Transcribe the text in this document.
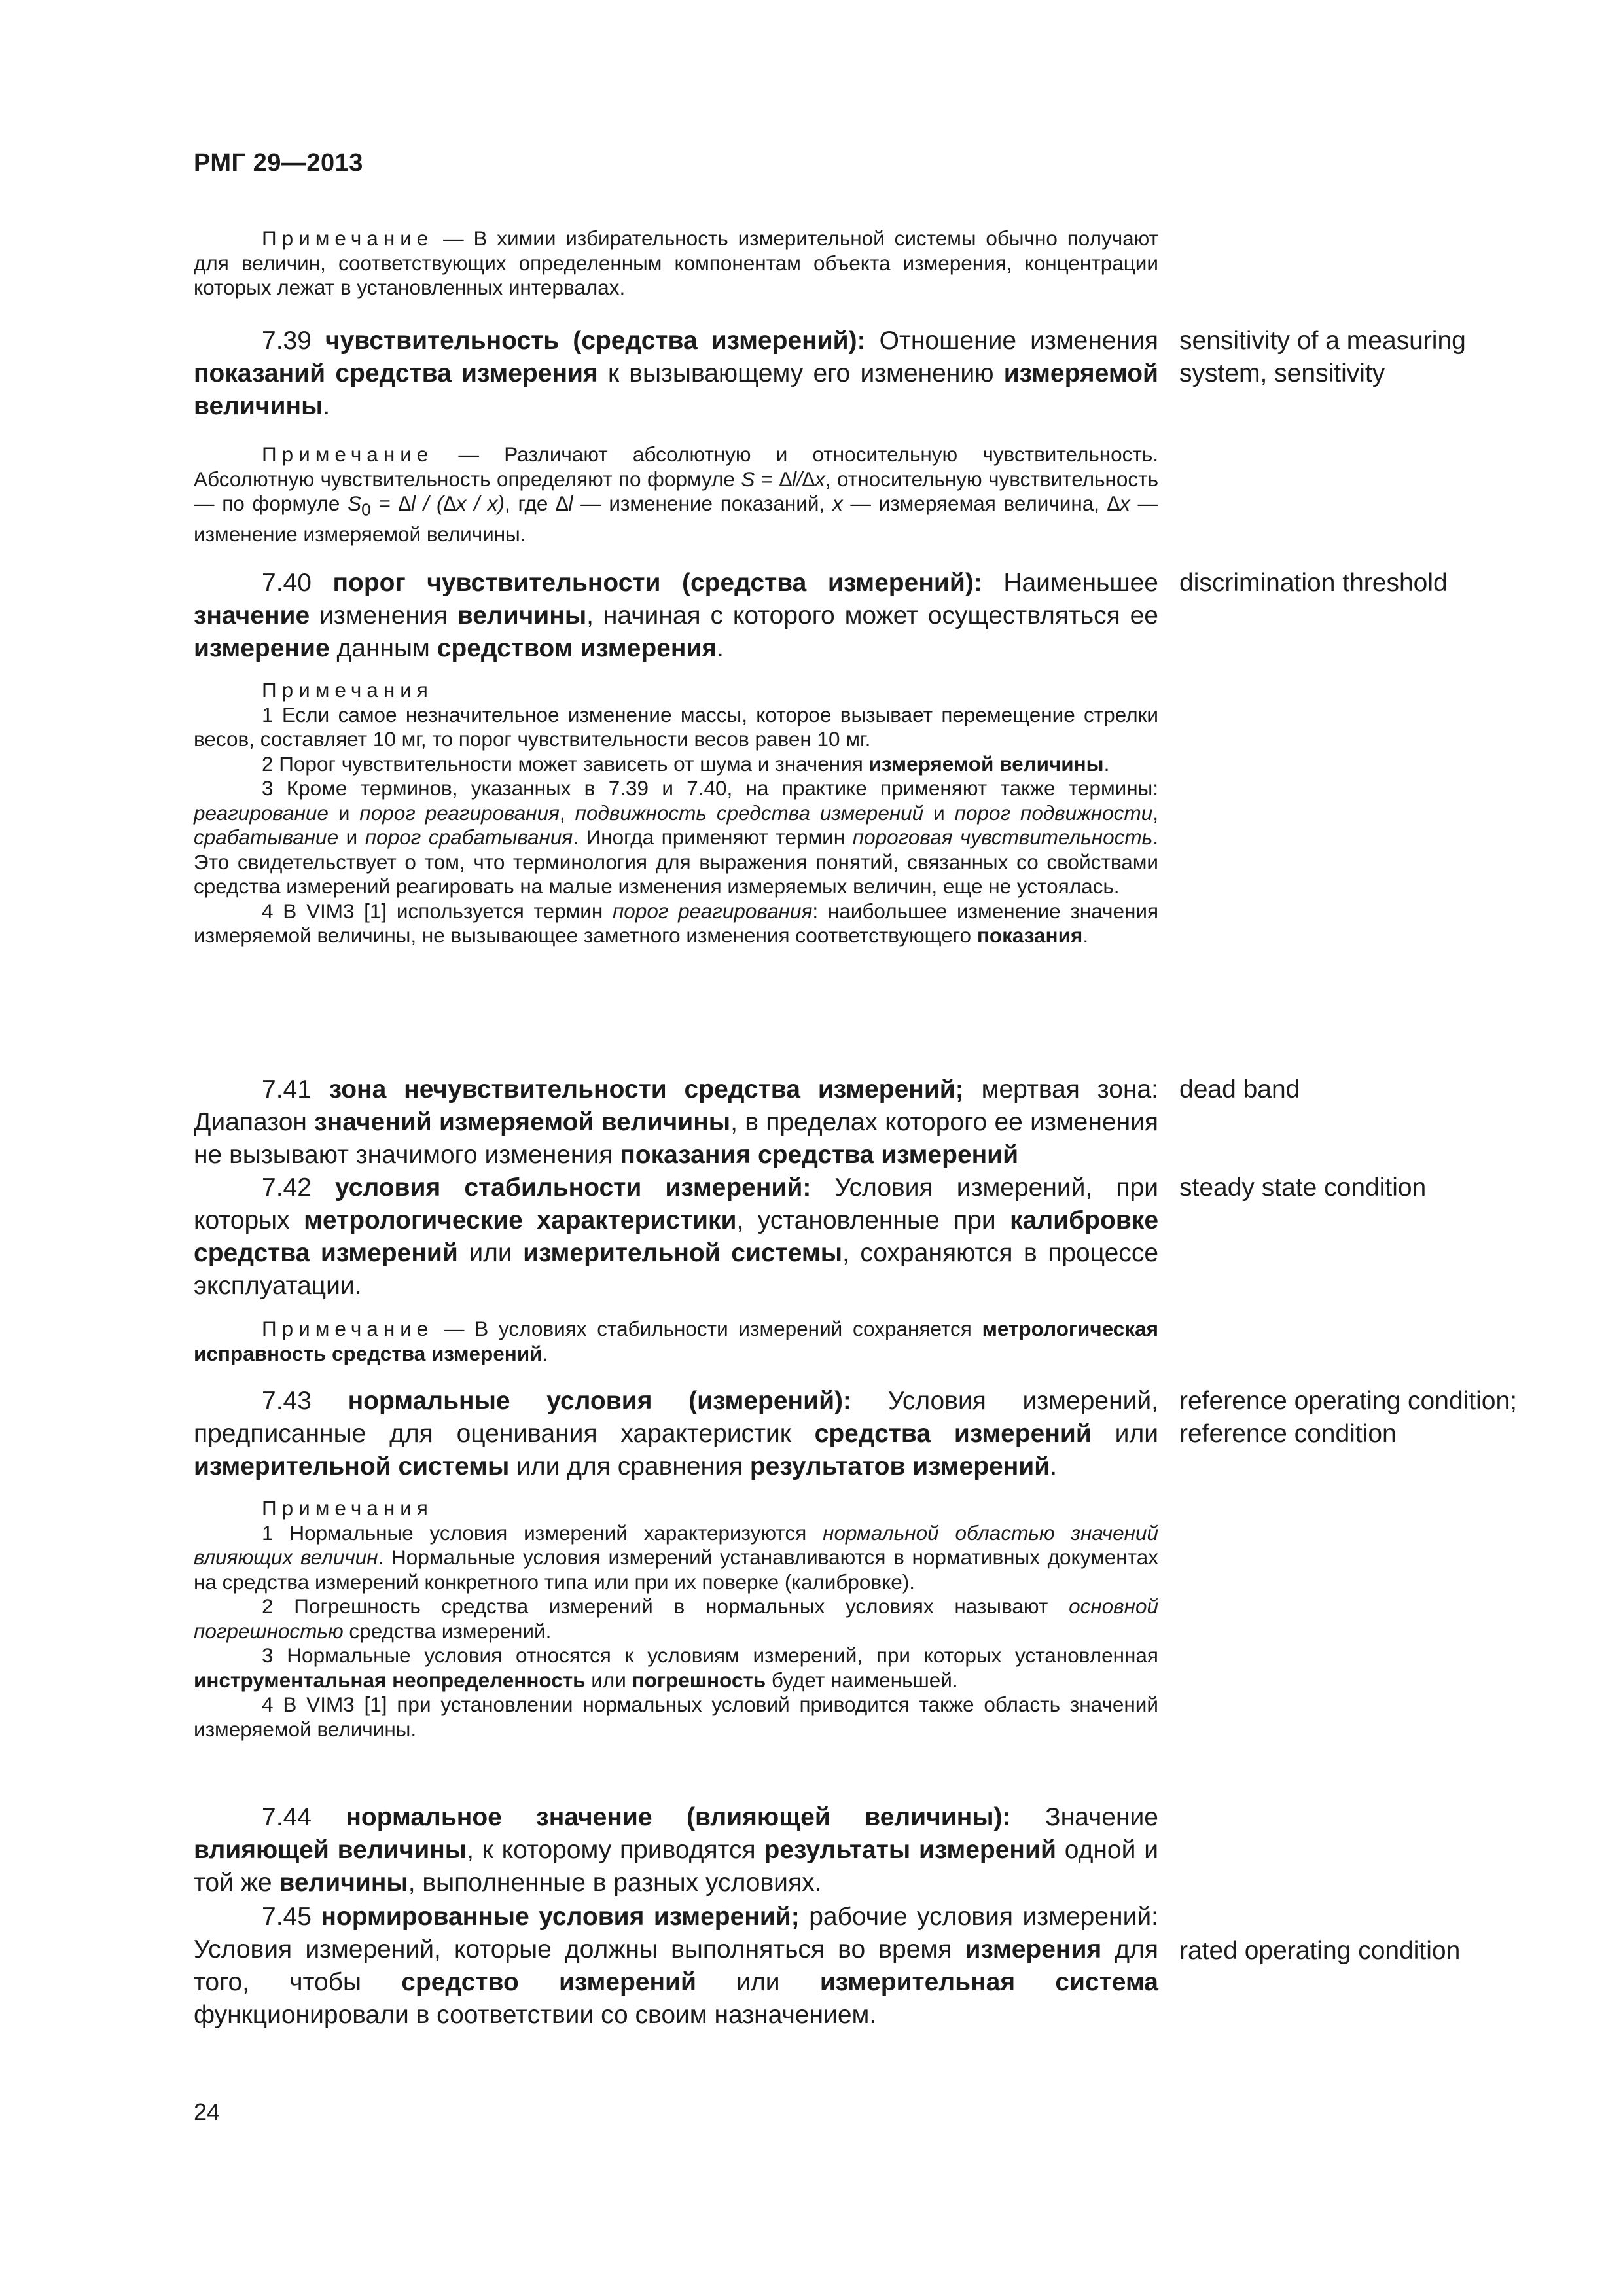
РМГ 29—2013

Примечание — В химии избирательность измерительной системы обычно получают для величин, соответствующих определенным компонентам объекта измерения, концентрации которых лежат в установленных интервалах.
7.39 чувствительность (средства измерений): Отношение изменения показаний средства измерения к вызывающему его изменению измеряемой величины.

sensitivity of a measuring system, sensitivity

Примечание — Различают абсолютную и относительную чувствительность. Абсолютную чувствительность определяют по формуле S = ∆l/∆x, относительную чувствительность — по формуле $S_0 = \Delta l / (\Delta x / x)$, где ∆l — изменение показаний, x — измеряемая величина, ∆x — изменение измеряемой величины.
7.40 порог чувствительности (средства измерений): Наименьшее значение изменения величины, начиная с которого может осуществляться ее измерение данным средством измерения.

discrimination threshold

Примечания

1 Если самое незначительное изменение массы, которое вызывает перемещение стрелки весов, составляет 10 мг, то порог чувствительности весов равен 10 мг.

2 Порог чувствительности может зависеть от шума и значения измеряемой величины.

3 Кроме терминов, указанных в 7.39 и 7.40, на практике применяют также термины: реагирование и порог реагирования, подвижность средства измерений и порог подвижности, срабатывание и порог срабатывания. Иногда применяют термин пороговая чувствительность. Это свидетельствует о том, что терминология для выражения понятий, связанных со свойствами средства измерений реагировать на малые изменения измеряемых величин, еще не устоялась.

4 В VIM3 [1] используется термин порог реагирования: наибольшее изменение значения измеряемой величины, не вызывающее заметного изменения соответствующего показания.

7.41 зона нечувствительности средства измерений; мертвая зона: Диапазон значений измеряемой величины, в пределах которого ее изменения не вызывают значимого изменения показания средства измерений

dead band

7.42 условия стабильности измерений: Условия измерений, при которых метрологические характеристики, установленные при калибровке средства измерений или измерительной системы, сохраняются в процессе эксплуатации.

steady state condition

Примечание — В условиях стабильности измерений сохраняется метрологическая исправность средства измерений.
7.43 нормальные условия (измерений): Условия измерений, предписанные для оценивания характеристик средства измерений или измерительной системы или для сравнения результатов измерений.

reference operating condition; reference condition

Примечания

1 Нормальные условия измерений характеризуются нормальной областью значений влияющих величин. Нормальные условия измерений устанавливаются в нормативных документах на средства измерений конкретного типа или при их поверке (калибровке).

2 Погрешность средства измерений в нормальных условиях называют основной погрешностью средства измерений.

3 Нормальные условия относятся к условиям измерений, при которых установленная инструментальная неопределенность или погрешность будет наименьшей.

4 В VIM3 [1] при установлении нормальных условий приводится также область значений измеряемой величины.

7.44 нормальное значение (влияющей величины): Значение влияющей величины, к которому приводятся результаты измерений одной и той же величины, выполненные в разных условиях.
7.45 нормированные условия измерений; рабочие условия измерений: Условия измерений, которые должны выполняться во время измерения для того, чтобы средство измерений или измерительная система функционировали в соответствии со своим назначением.

rated operating condition

24
